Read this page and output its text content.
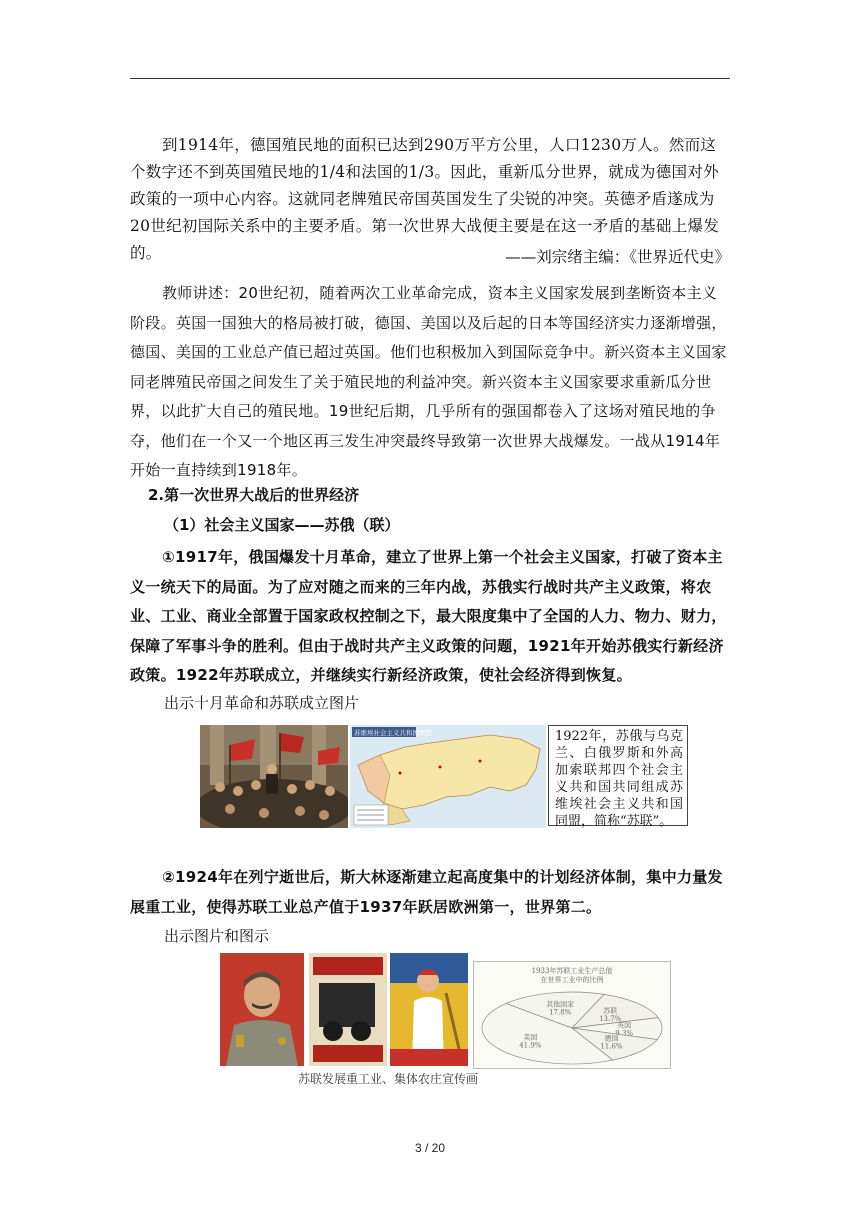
到1914年，德国殖民地的面积已达到290万平方公里，人口1230万人。然而这个数字还不到英国殖民地的1/4和法国的1/3。因此，重新瓜分世界，就成为德国对外政策的一项中心内容。这就同老牌殖民帝国英国发生了尖锐的冲突。英德矛盾遂成为20世纪初国际关系中的主要矛盾。第一次世界大战便主要是在这一矛盾的基础上爆发的。	——刘宗绪主编：《世界近代史》

教师讲述：20世纪初，随着两次工业革命完成，资本主义国家发展到垄断资本主义阶段。英国一国独大的格局被打破，德国、美国以及后起的日本等国经济实力逐渐增强，德国、美国的工业总产值已超过英国。他们也积极加入到国际竞争中。新兴资本主义国家同老牌殖民帝国之间发生了关于殖民地的利益冲突。新兴资本主义国家要求重新瓜分世界，以此扩大自己的殖民地。19世纪后期，几乎所有的强国都卷入了这场对殖民地的争夺，他们在一个又一个地区再三发生冲突最终导致第一次世界大战爆发。一战从1914年开始一直持续到1918年。

2.第一次世界大战后的世界经济
（1）社会主义国家——苏俄（联）

①1917年，俄国爆发十月革命，建立了世界上第一个社会主义国家，打破了资本主义一统天下的局面。为了应对随之而来的三年内战，苏俄实行战时共产主义政策，将农业、工业、商业全部置于国家政权控制之下，最大限度集中了全国的人力、物力、财力，保障了军事斗争的胜利。但由于战时共产主义政策的问题，1921年开始苏俄实行新经济政策。1922年苏联成立，并继续实行新经济政策，使社会经济得到恢复。

出示十月革命和苏联成立图片
苏维埃社会主义共和国联盟	1922年，苏俄与乌克兰、白俄罗斯和外高加索联邦四个社会主义共和国共同组成苏维埃社会主义共和国同盟，简称“苏联”。

②1924年在列宁逝世后，斯大林逐渐建立起高度集中的计划经济体制，集中力量发展重工业，使得苏联工业总产值于1937年跃居欧洲第一，世界第二。

出示图片和图示
1933年苏联工业生产总值
在世界工业中的比例
美国
41.9%
其他国家
17.8%	苏联
13.7%
英国
9.3%
德国
11.6%
苏联发展重工业、集体农庄宣传画
3 / 20
